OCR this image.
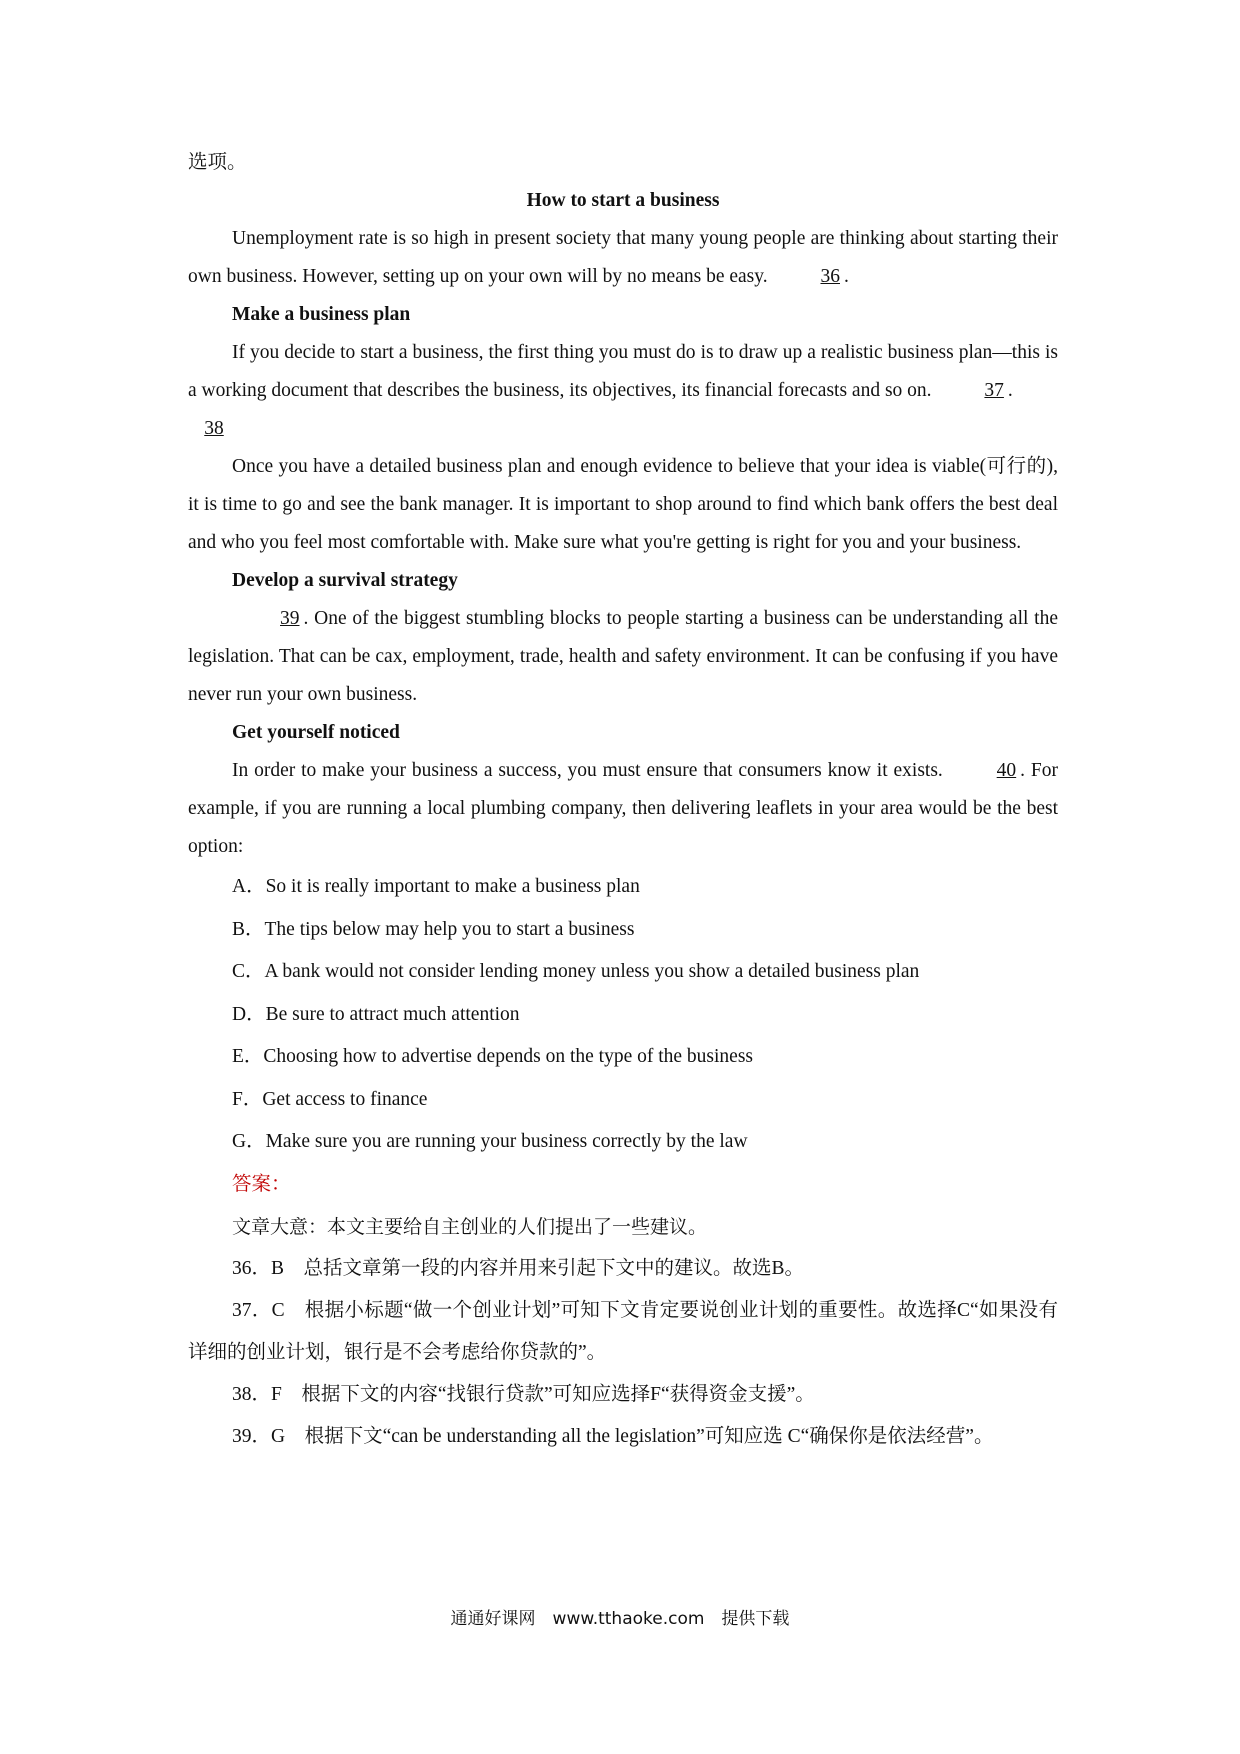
选项。

How to start a business

Unemployment rate is so high in present society that many young people are thinking about starting their own business. However, setting up on your own will by no means be easy.	36 .

Make a business plan

If you decide to start a business, the first thing you must do is to draw up a realistic business plan—this is a working document that describes the business, its objectives, its financial forecasts and so on.	37 .

38

Once you have a detailed business plan and enough evidence to believe that your idea is viable(可行的), it is time to go and see the bank manager. It is important to shop around to find which bank offers the best deal and who you feel most comfortable with. Make sure what you're getting is right for you and your business.

Develop a survival strategy

39 . One of the biggest stumbling blocks to people starting a business can be understanding all the legislation. That can be cax, employment, trade, health and safety environment. It can be confusing if you have never run your own business.

Get yourself noticed

In order to make your business a success, you must ensure that consumers know it exists.	40 . For example, if you are running a local plumbing company, then delivering leaflets in your area would be the best option:

A．So it is really important to make a business plan

B．The tips below may help you to start a business

C．A bank would not consider lending money unless you show a detailed business plan

D．Be sure to attract much attention

E．Choosing how to advertise depends on the type of the business

F．Get access to finance

G．Make sure you are running your business correctly by the law

答案：

文章大意：本文主要给自主创业的人们提出了一些建议。

36．B　总括文章第一段的内容并用来引起下文中的建议。故选B。

37．C　根据小标题“做一个创业计划”可知下文肯定要说创业计划的重要性。故选择C“如果没有详细的创业计划，银行是不会考虑给你贷款的”。

38．F　根据下文的内容“找银行贷款”可知应选择F“获得资金支援”。

39．G　根据下文“can be understanding all the legislation”可知应选 C“确保你是依法经营”。

通通好课网　www.tthaoke.com　提供下载
